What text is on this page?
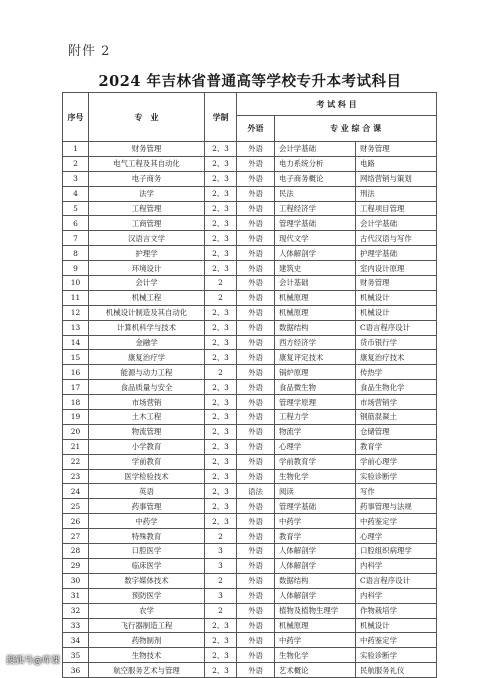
附件 2
2024 年吉林省普通高等学校专升本考试科目
序号	专　业	学制	考 试 科 目		
			外语	专 业 综 合 课	
1	财务管理	2、3	外语	会计学基础	财务管理
2	电气工程及其自动化	2、3	外语	电力系统分析	电路
3	电子商务	2、3	外语	电子商务概论	网络营销与策划
4	法学	2、3	外语	民法	刑法
5	工程管理	2、3	外语	工程经济学	工程项目管理
6	工商管理	2、3	外语	管理学基础	会计学基础
7	汉语言文学	2、3	外语	现代文学	古代汉语与写作
8	护理学	2、3	外语	人体解剖学	护理学基础
9	环境设计	2、3	外语	建筑史	室内设计原理
10	会计学	2	外语	会计基础	财务管理
11	机械工程	2	外语	机械原理	机械设计
12	机械设计制造及其自动化	2、3	外语	机械原理	机械设计
13	计算机科学与技术	2、3	外语	数据结构	C语言程序设计
14	金融学	2、3	外语	西方经济学	货币银行学
15	康复治疗学	2、3	外语	康复评定技术	康复治疗技术
16	能源与动力工程	2	外语	锅炉原理	传热学
17	食品质量与安全	2、3	外语	食品微生物	食品生物化学
18	市场营销	2、3	外语	管理学原理	市场营销学
19	土木工程	2、3	外语	工程力学	钢筋混凝土
20	物流管理	2、3	外语	物流学	仓储管理
21	小学教育	2、3	外语	心理学	教育学
22	学前教育	2、3	外语	学前教育学	学前心理学
23	医学检验技术	2、3	外语	生物化学	实验诊断学
24	英语	2、3	语法	阅读	写作
25	药事管理	2、3	外语	管理学基础	药事管理与法规
26	中药学	2、3	外语	中药学	中药鉴定学
27	特殊教育	2	外语	教育学	心理学
28	口腔医学	3	外语	人体解剖学	口腔组织病理学
29	临床医学	3	外语	人体解剖学	内科学
30	数字媒体技术	2	外语	数据结构	C语言程序设计
31	预防医学	3	外语	人体解剖学	内科学
32	农学	2	外语	植物及植物生理学	作物栽培学
33	飞行器制造工程	2、3	外语	机械原理	机械设计
34	药物制剂	2、3	外语	中药学	中药鉴定学
35	生物技术	2、3	外语	生物化学	实验诊断学
36	航空服务艺术与管理	2、3	外语	艺术概论	民航服务礼仪
搜狐号@库课
